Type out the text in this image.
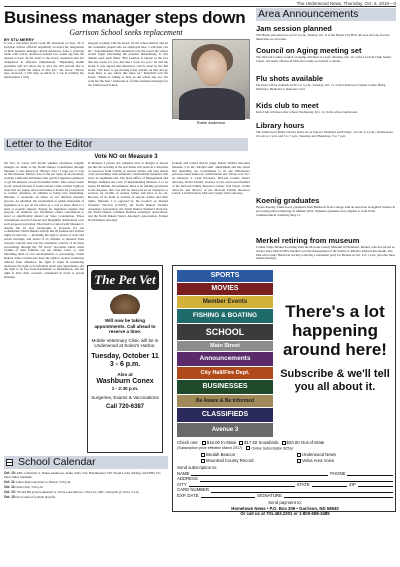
The Underwood News, Thursday, Oct. 6, 2016—3
Business manager steps down
Garrison School seeks replacement
BY STU MERRY
It was a tear-filled board room the afternoon of Sept. 29 at Garrison School officials regretfully accepted the resignation of their business manager, Robin Anderson. After a yearlong battle with cancer, Anderson learned two weeks ago that the disease is back. In her letter to the board, Anderson said her resignation is effective immediately. "Impending health problems will not allow me to give the 100 percent that is needed to fulfill the duties of this job," she wrote. "Please note, however, I will help as much as I can in training my replacement. I truly
enjoyed working with the board, for the school district and all the wonderful people who are employed here. I will miss you all." Superintendent Nick Klemisch told the board the school would begin advertising the position immediately. It will remain open until filled. "Her position is unique in the fact that she works for you, just like I work for you," he told the board. It was agreed that interviews will be done by the full board. "We have to get moving fairly quickly on this and go from there to see where this takes us," Klemisch told the board. "Robin is willing to help us out where she can. We want her the best." Anderson is a former business manager for the Underwood School.
Robin Anderson
Area Announcements
Jam session planned
The Hazen jam session is set for 6 p.m., Sunday, Oct. 9, at the Hazen City Hall. All area and out-of-town musicians are welcome.
Council on Aging meeting set
The McLean County Council on Aging will meet at 1 p.m., Monday, Oct. 10, at the Lewis & Clark Senior Center. All senior citizens in McLean County are invited to attend.
Flu shots available
Flu shots will be available from 1 to 3 p.m., Tuesday, Oct. 11, at the Underwood Senior Center. Bring Medicare, Medicaid or insurance card.
Kids club to meet
Kids Club will meet after school, Wednesday, Oct. 12, in the school lunchroom.
Library hours
The Underwood Public Library hours are as follows: Mondays and Fridays, 10 a.m. to 2 p.m.; Wednesdays, 10 a.m. to 2 p.m. and 5 to 7 p.m.; Tuesdays and Thursdays, 5 to 7 p.m.
Letter to the Editor
Vote NO on Measure 3
On Nov. 8, voters will decide whether enormous, lengthy changes are made to the North Dakota Constitution through Measure 3, also known as "Marsy's Law." I urge you to vote on this measure. Marsy's Law is the pet cause of an extremely wealthy California billionaire who paid for signature gatherers to get his measure on our November ballot. This causes issues in our system because it would elevate crime victims' rights in ways that are vague, and would make it harder for prosecutors to convict offenders. In addition to being very misleading, Measure 3 represents an abuse of our initiated measure process. As intended, the requirement to gather thousands of signatures is to get on the ballot as a way to show there is a need or popular support. Paying for signatures negates that purpose. In addition, our forefathers called conventions to enact or significantly amend our State Constitution. These conventions involved debate and thoughtful deliberation over each proposed provision. That hasn't occurred with Measure 3, despite the 10 new paragraphs it proposes for our Constitution. North Dakota already has 28 enumerated victims rights in state law — including the right to notice of court and parole hearings, and notice if an offender is released from custody. Current state law has automatic waivers of all these proceedings through the "93 Saver" provision where crime victims of their families can get emails, texts, or calls informing them of case developments or proceedings. North Dakota crime victims also have the right to receive restitution ordered from offenders, the right to input in sentencing decisions, the right to be informed about plea agreements, and the right to be free from harassment or intimidation, and the right to have their concerns considered in bond or parole hearings.
If Measure 3 passes, the complete lack of thought or debate put into the wording of the provisions will result in a diversion of resources from victims of serious crimes, and long drawn court proceedings with unfunded constitutional mandates that serve no legitimate end. The State Office of Management and Budget estimates the costs of implementing Measure 3 to be nearly $3 million. Nevertheless, there is no funding provisions in the measure, that cost will be often placed on taxpayers or services for victims of serious crimes will have to be cut. Because of its harm to victims of serious crimes and their rights, Measure 3 is opposed by the Council on Abused Women's Services (CAWS), the North Dakota Victim's Assistance Association, the North Dakota Women's Network, the North Dakota Criminal Defense Attorneys' Association, and the North Dakota State's Attorney's Association. Former North Dakota Attorney
General and retired district judge Robert Wefald describes Measure 3 as the "kitchen sink" amendment and has stated that amending our Constitution to fit one billionaire's personal cause makes no constitutional law. Please vote "no" on Measure 3. Ladd Erickson, McLean County State's Attorney. David Lindell, attorney at law, and board member of the McLean Family Resource Center. Jodi Olson, victim advocate and director of the McLean Family Resource Center. Ladd Erickson, McLean County state's attorney
Koenig graduates
Payton Koenig, Underwood, graduated from Bismarck State College with an Associate in Applied Science in processing plant technology in summer 2016. Semester graduates were eligible to walk in the commencement ceremony May 11.
Merkel retiring from museum
Connie Trilgo Merkel is retiring from the McLean County Museum in Washburn. Merkel, who has served as curator since March 2005, handled over the management of the facility to Rhonda Johnson this month. The McLean County Historical Society is having a retirement party for Merkel on Oct. 9 at 1 p.m., just after their annual meeting.
The Pet Vet
Will now be taking appointments. Call ahead to reserve a time.
Mobile Veterinary Clinic will be in Underwood at Soleo's Harbor.
Tuesday, October 11
3 - 6 p.m.
Also at
Washburn Conex
1 - 2:30 p.m.
Surgeries, Exams & Vaccinations
Call 720-6387
SPORTS
MOVIES
Member Events
FISHING & BOATING
SCHOOL
Main Street
Announcements
City Hall/Fire Dept.
BUSINESSES
Be Aware & Be Informed
CLASSIFIEDS
Avenue 3
There's a lot happening around here!
Subscribe & we'll tell you all about it.
Check one:	$15.00 In-State	$17.50 Snowbirds	$20.00 Out-of-State
(Subscription price effective March 2017)	Online Subscription $25/yr
Beulah Beacon	Underwood News
Mountrail County Record	Velva Area Voice
Send subscription to:
NAME	PHONE
ADDRESS
CITY	STATE	ZIP
CARD NUMBER
EXP. DATE	SIGNATURE
Send payment to:
Hometown News • P.O. Box 309 • Garrison, ND 58540
Or call us at 701.463.2201 or 1-800-658-3485
School Calendar

Oct. 10: ABC volleyball vs. Drake-Anamoose, home; Kids; Star; Bandmasters; Fall; North Lucky Stirling, fun ENRL Flo Show Shine Sunshine

Oct. 11: junior high volleyball vs. Hazen, 3:30 p.m.

Oct. 12: Kids Club, 3:30 p.m.

Oct. 13: 7th and 8th grade basketball vs. Turtle Lake-Mercer, 4:30 p.m.; ABC volleyball @ Velva, 5 p.m.

Oct. 15: first round of football playoffs.
